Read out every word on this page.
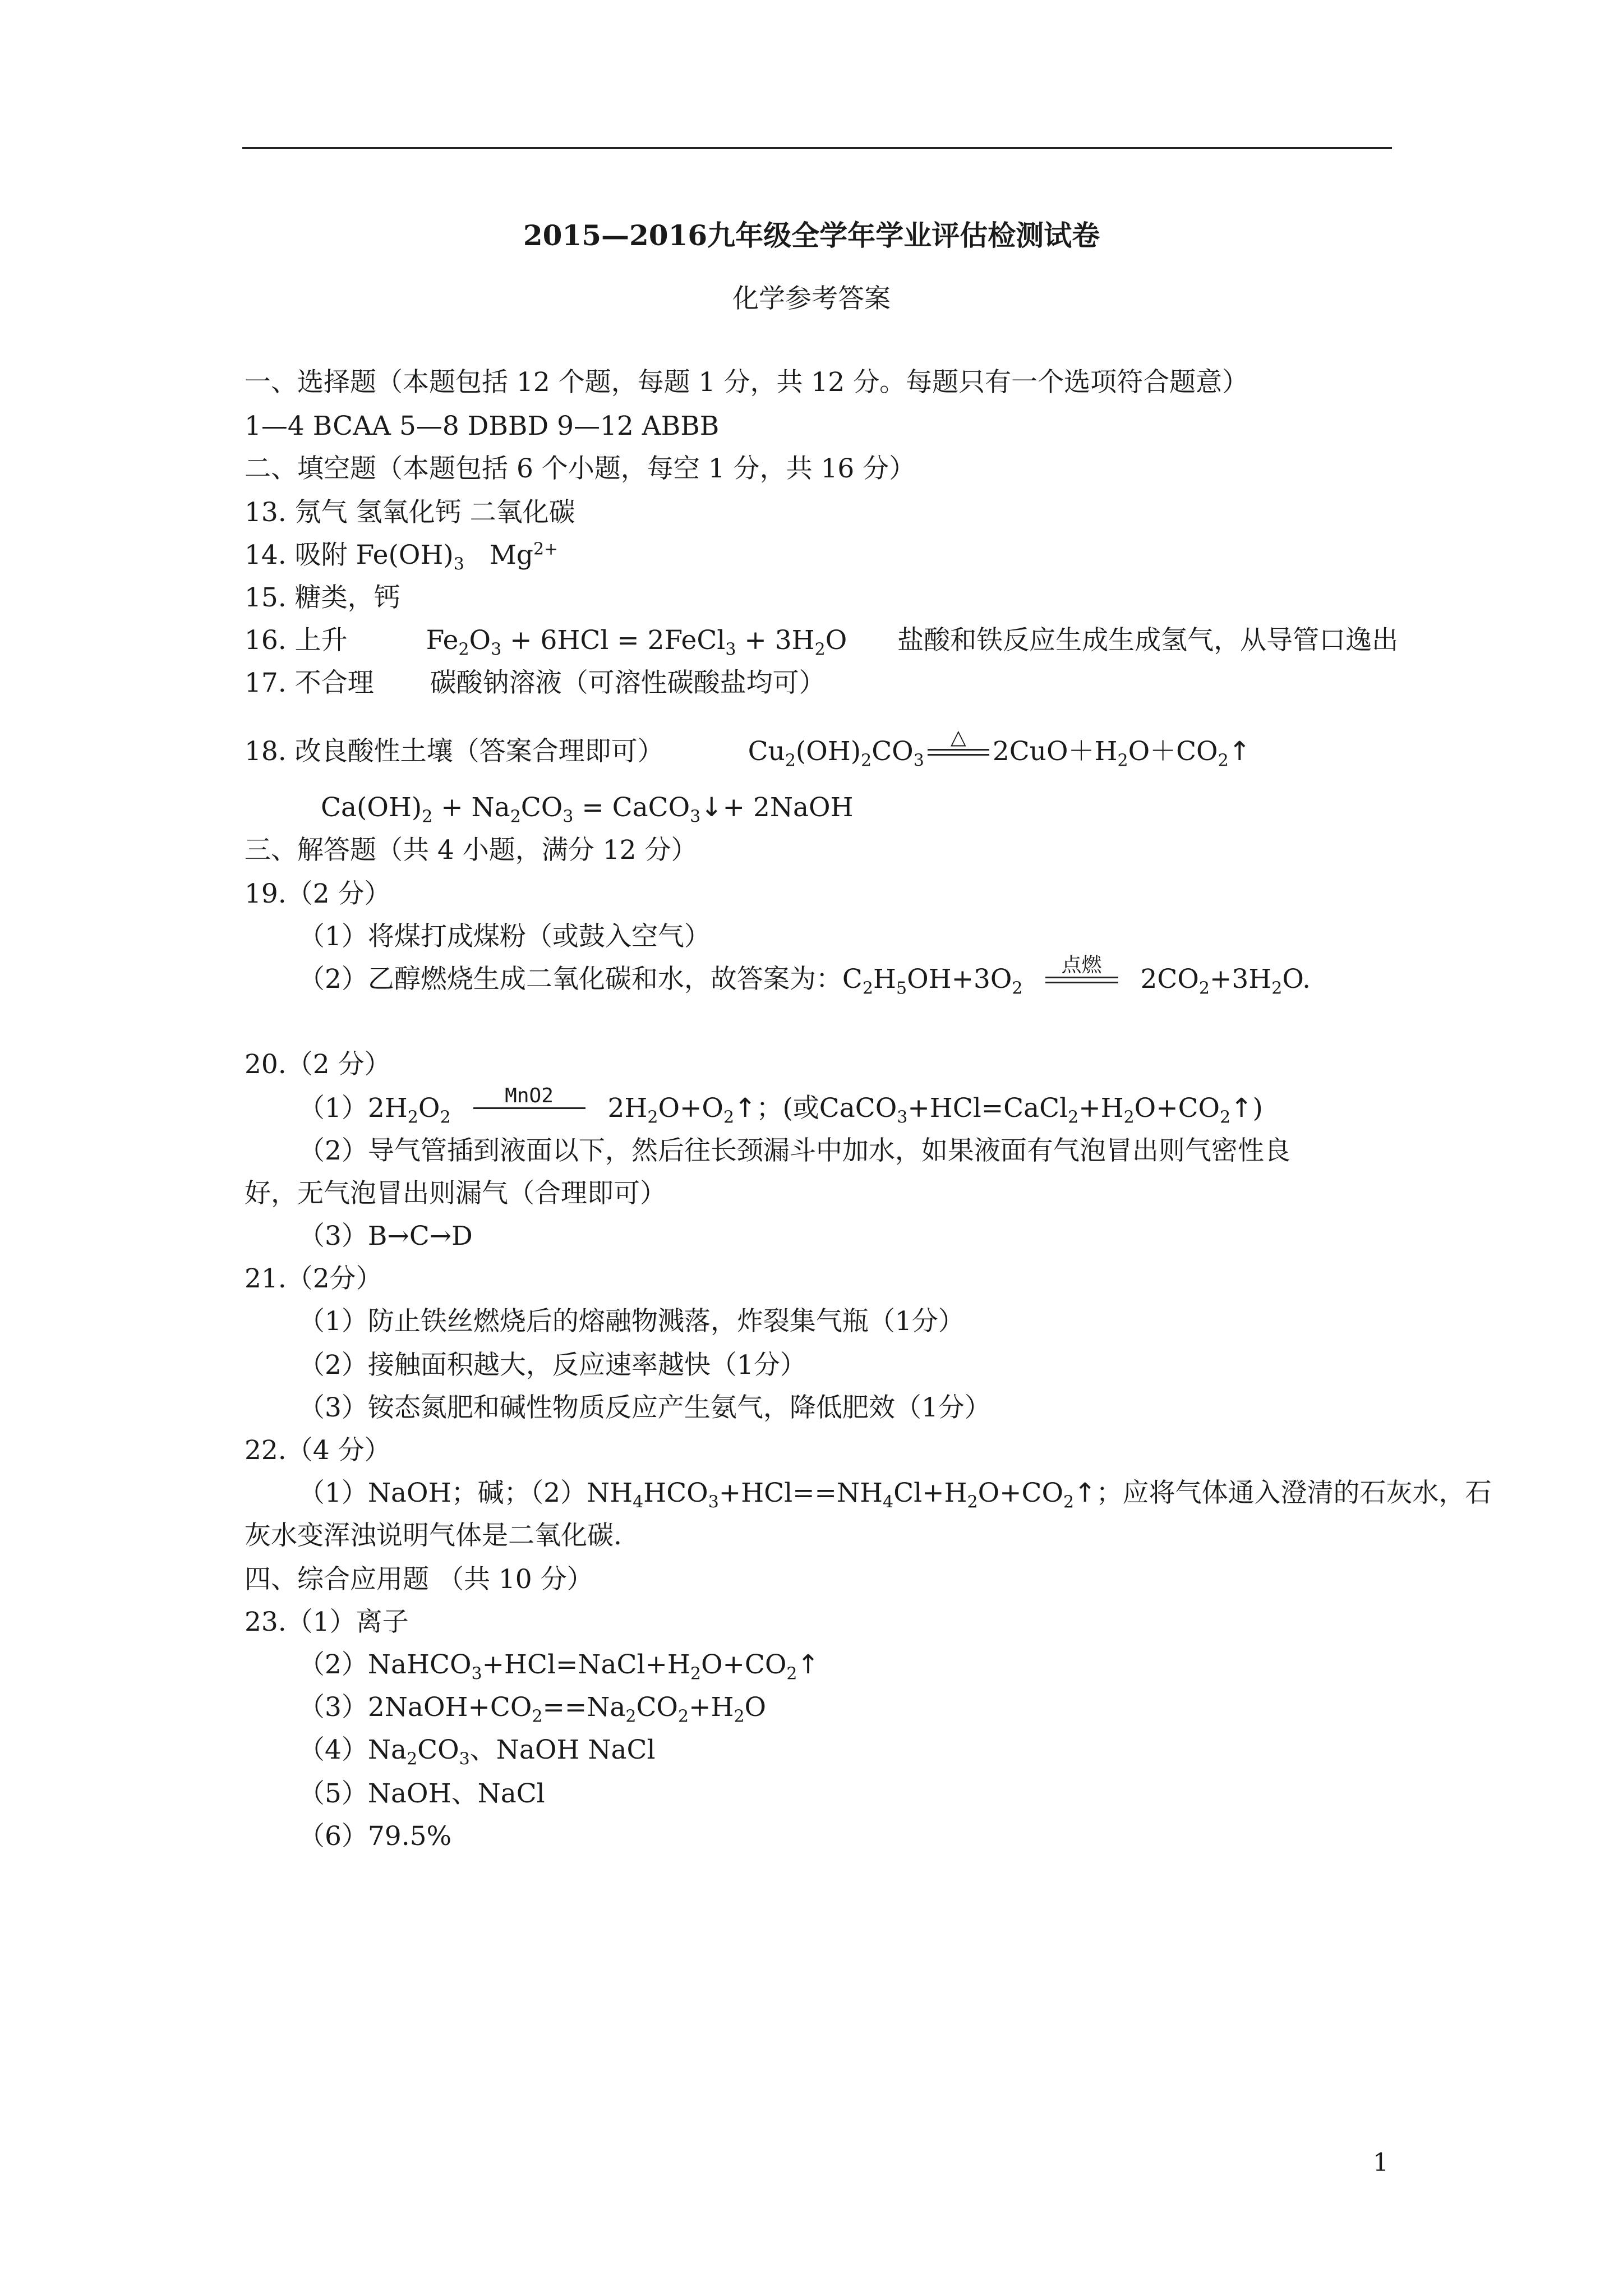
2015—2016九年级全学年学业评估检测试卷
化学参考答案
一、选择题（本题包括 12 个题，每题 1 分，共 12 分。每题只有一个选项符合题意）
1—4 BCAA 5—8 DBBD 9—12 ABBB
二、填空题（本题包括 6 个小题，每空 1 分，共 16 分）
13. 氖气 氢氧化钙 二氧化碳
14. 吸附 $Fe(OH)_3$ $Mg^{2+}$
15. 糖类，钙
16. 上升	$Fe_2O_3 + 6HCl$ = 2FeCl$_3$ + $3H_2O$ 盐酸和铁反应生成生成氢气，从导管口逸出
17. 不合理 碳酸钠溶液（可溶性碳酸盐均可）
18. 改良酸性土壤（答案合理即可）	$Cu_2(OH)_2CO_3$
△	$2CuO+H_2O+CO_2↑$
$Ca(OH)_2 + Na_2CO_3$ = CaCO$_3$↓+ 2NaOH
三、解答题（共 4 小题，满分 12 分）
19.（2 分）
（1）将煤打成煤粉（或鼓入空气）
（2）乙醇燃烧生成二氧化碳和水，故答案为：$C_2H_5OH+3O_2$
点燃	$2CO_2+3H_2O$.
20.（2 分）
$(1)2H_2O_2$
MnO2	$2H_2O+O_2↑$；(或$CaCO_3+HCl=CaCl_2+H_2O+CO_2↑$)
（2）导气管插到液面以下，然后往长颈漏斗中加水，如果液面有气泡冒出则气密性良
好，无气泡冒出则漏气（合理即可）
（3）B→C→D
21.（2分）
（1）防止铁丝燃烧后的熔融物溅落，炸裂集气瓶（1分）
（2）接触面积越大，反应速率越快（1分）
（3）铵态氮肥和碱性物质反应产生氨气，降低肥效（1分）
22.（4 分）
（1）NaOH；碱；$(2)NH_4HCO_3+HCl==NH_4Cl+H_2O+CO_2↑$；应将气体通入澄清的石灰水，石
灰水变浑浊说明气体是二氧化碳.
四、综合应用题 （共 10 分）
23.（1）离子
$(2)NaHCO_3+HCl=NaCl+H_2O+CO_2↑$
$(3)2NaOH+CO_2==Na_2CO_2+H_2O$
$(4)Na_2CO_3$、NaOH NaCl
（5）NaOH、NaCl
（6）79.5%
1
